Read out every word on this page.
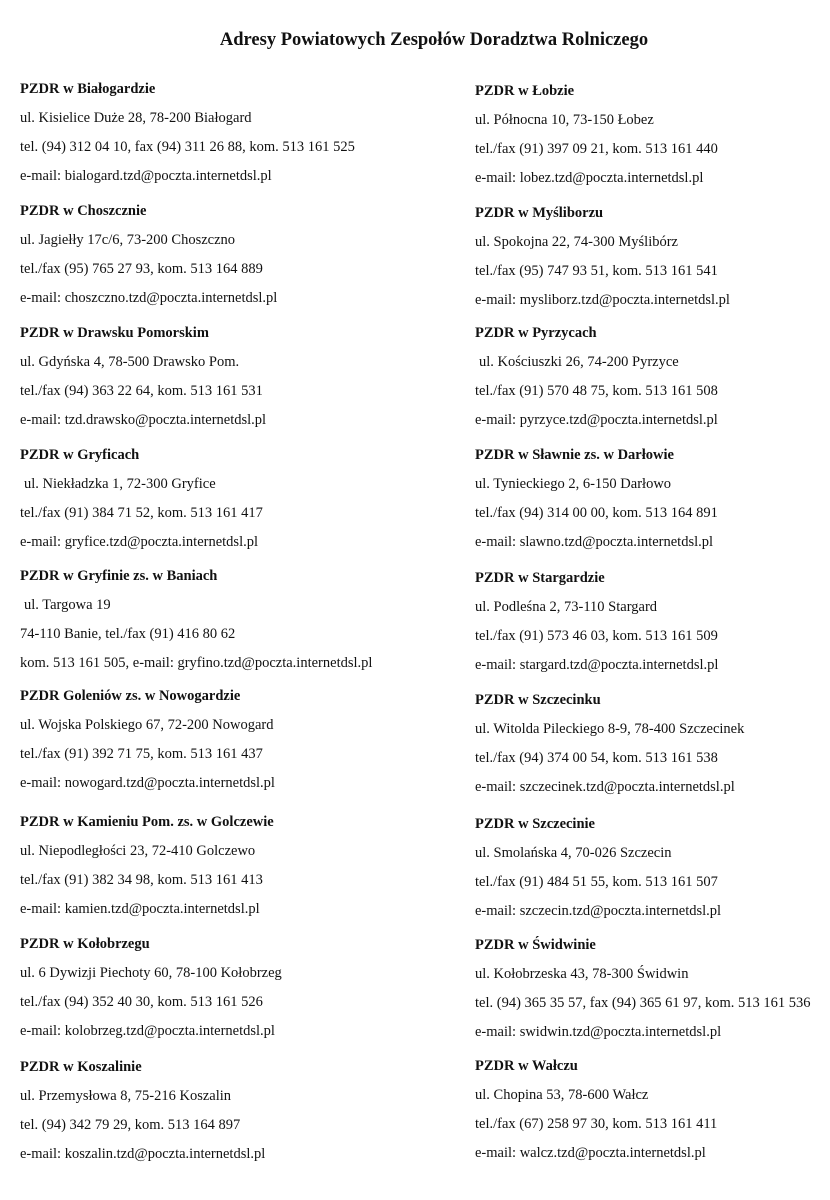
Adresy Powiatowych Zespołów Doradztwa Rolniczego
PZDR w Białogardzie
ul. Kisielice Duże 28, 78-200 Białogard
tel. (94) 312 04 10, fax (94) 311 26 88, kom. 513 161 525
e-mail: bialogard.tzd@poczta.internetdsl.pl
PZDR w Choszcznie
ul. Jagiełły 17c/6, 73-200 Choszczno
tel./fax (95) 765 27 93, kom. 513 164 889
e-mail: choszczno.tzd@poczta.internetdsl.pl
PZDR w Drawsku Pomorskim
ul. Gdyńska 4, 78-500 Drawsko Pom.
tel./fax (94) 363 22 64, kom. 513 161 531
e-mail: tzd.drawsko@poczta.internetdsl.pl
PZDR w Gryficach
ul. Niekładzka 1, 72-300 Gryfice
tel./fax (91) 384 71 52, kom. 513 161 417
e-mail: gryfice.tzd@poczta.internetdsl.pl
PZDR w Gryfinie zs. w Baniach
ul. Targowa 19
74-110 Banie, tel./fax (91) 416 80 62
kom. 513 161 505, e-mail: gryfino.tzd@poczta.internetdsl.pl
PZDR Goleniów zs. w Nowogardzie
ul. Wojska Polskiego 67, 72-200 Nowogard
tel./fax (91) 392 71 75, kom. 513 161 437
e-mail: nowogard.tzd@poczta.internetdsl.pl
PZDR w Kamieniu Pom. zs. w Golczewie
ul. Niepodległości 23, 72-410 Golczewo
tel./fax (91) 382 34 98, kom. 513 161 413
e-mail: kamien.tzd@poczta.internetdsl.pl
PZDR w Kołobrzegu
ul. 6 Dywizji Piechoty 60, 78-100 Kołobrzeg
tel./fax (94) 352 40 30, kom. 513 161 526
e-mail: kolobrzeg.tzd@poczta.internetdsl.pl
PZDR w Koszalinie
ul. Przemysłowa 8, 75-216 Koszalin
tel. (94) 342 79 29, kom. 513 164 897
e-mail: koszalin.tzd@poczta.internetdsl.pl
PZDR w Łobzie
ul. Północna 10, 73-150 Łobez
tel./fax (91) 397 09 21, kom. 513 161 440
e-mail: lobez.tzd@poczta.internetdsl.pl
PZDR w Myśliborzu
ul. Spokojna 22, 74-300 Myślibórz
tel./fax (95) 747 93 51, kom. 513 161 541
e-mail: mysliborz.tzd@poczta.internetdsl.pl
PZDR w Pyrzycach
ul. Kościuszki 26, 74-200 Pyrzyce
tel./fax (91) 570 48 75, kom. 513 161 508
e-mail: pyrzyce.tzd@poczta.internetdsl.pl
PZDR w Sławnie zs. w Darłowie
ul. Tynieckiego 2, 6-150 Darłowo
tel./fax (94) 314 00 00, kom. 513 164 891
e-mail: slawno.tzd@poczta.internetdsl.pl
PZDR w Stargardzie
ul. Podleśna 2, 73-110 Stargard
tel./fax (91) 573 46 03, kom. 513 161 509
e-mail: stargard.tzd@poczta.internetdsl.pl
PZDR w Szczecinku
ul. Witolda Pileckiego 8-9, 78-400 Szczecinek
tel./fax (94) 374 00 54, kom. 513 161 538
e-mail: szczecinek.tzd@poczta.internetdsl.pl
PZDR w Szczecinie
ul. Smolańska 4, 70-026 Szczecin
tel./fax (91) 484 51 55, kom. 513 161 507
e-mail: szczecin.tzd@poczta.internetdsl.pl
PZDR w Świdwinie
ul. Kołobrzeska 43, 78-300 Świdwin
tel. (94) 365 35 57, fax (94) 365 61 97, kom. 513 161 536
e-mail: swidwin.tzd@poczta.internetdsl.pl
PZDR w Wałczu
ul. Chopina 53, 78-600 Wałcz
tel./fax (67) 258 97 30, kom. 513 161 411
e-mail: walcz.tzd@poczta.internetdsl.pl
